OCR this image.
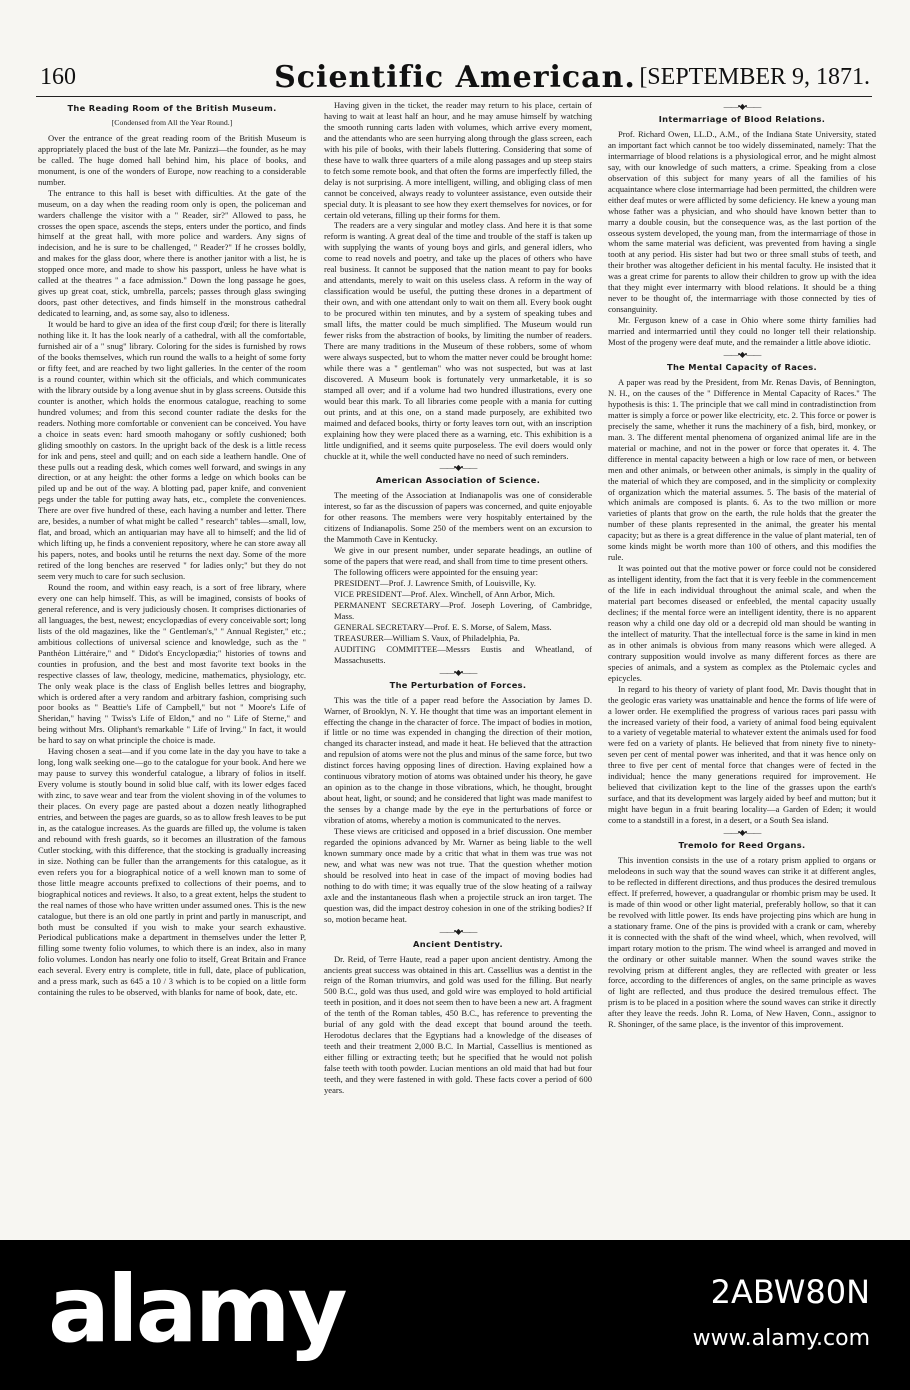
160	Scientific American. [SEPTEMBER 9, 1871.
The Reading Room of the British Museum.

[Condensed from All the Year Round.]

Over the entrance of the great reading room of the British Museum is appropriately placed the bust of the late Mr. Panizzi—the founder, as he may be called. The huge domed hall behind him, his place of books, and monument, is one of the wonders of Europe, now reaching to a considerable number.

The entrance to this hall is beset with difficulties. At the gate of the museum, on a day when the reading room only is open, the policeman and warders challenge the visitor with a " Reader, sir?" Allowed to pass, he crosses the open space, ascends the steps, enters under the portico, and finds himself at the great hall, with more police and warders. Any signs of indecision, and he is sure to be challenged, " Reader?" If he crosses boldly, and makes for the glass door, where there is another janitor with a list, he is stopped once more, and made to show his passport, unless he have what is called at the theatres " a face admission." Down the long passage he goes, gives up great coat, stick, umbrella, parcels; passes through glass swinging doors, past other detectives, and finds himself in the monstrous cathedral dedicated to learning, and, as some say, also to idleness.

It would be hard to give an idea of the first coup d'œil; for there is literally nothing like it. It has the look nearly of a cathedral, with all the comfortable, furnished air of a " snug" library. Coloring for the sides is furnished by rows of the books themselves, which run round the walls to a height of some forty or fifty feet, and are reached by two light galleries. In the center of the room is a round counter, within which sit the officials, and which communicates with the library outside by a long avenue shut in by glass screens. Outside this counter is another, which holds the enormous catalogue, reaching to some hundred volumes; and from this second counter radiate the desks for the readers. Nothing more comfortable or convenient can be conceived. You have a choice in seats even: hard smooth mahogany or softly cushioned; both gliding smoothly on castors. In the upright back of the desk is a little recess for ink and pens, steel and quill; and on each side a leathern handle. One of these pulls out a reading desk, which comes well forward, and swings in any direction, or at any height: the other forms a ledge on which books can be piled up and be out of the way. A blotting pad, paper knife, and convenient pegs under the table for putting away hats, etc., complete the conveniences. There are over five hundred of these, each having a number and letter. There are, besides, a number of what might be called " research" tables—small, low, flat, and broad, which an antiquarian may have all to himself; and the lid of which lifting up, he finds a convenient repository, where he can store away all his papers, notes, and books until he returns the next day. Some of the more retired of the long benches are reserved " for ladies only;" but they do not seem very much to care for such seclusion.

Round the room, and within easy reach, is a sort of free library, where every one can help himself. This, as will be imagined, consists of books of general reference, and is very judiciously chosen. It comprises dictionaries of all languages, the best, newest; encyclopædias of every conceivable sort; long lists of the old magazines, like the " Gentleman's," " Annual Register," etc.; ambitious collections of universal science and knowledge, such as the " Panthéon Littéraire," and " Didot's Encyclopædia;" histories of towns and counties in profusion, and the best and most favorite text books in the respective classes of law, theology, medicine, mathematics, physiology, etc. The only weak place is the class of English belles lettres and biography, which is ordered after a very random and arbitrary fashion, comprising such poor books as " Beattie's Life of Campbell," but not " Moore's Life of Sheridan," having " Twiss's Life of Eldon," and no " Life of Sterne," and being without Mrs. Oliphant's remarkable " Life of Irving." In fact, it would be hard to say on what principle the choice is made.

Having chosen a seat—and if you come late in the day you have to take a long, long walk seeking one—go to the catalogue for your book. And here we may pause to survey this wonderful catalogue, a library of folios in itself. Every volume is stoutly bound in solid blue calf, with its lower edges faced with zinc, to save wear and tear from the violent shoving in of the volumes to their places. On every page are pasted about a dozen neatly lithographed entries, and between the pages are guards, so as to allow fresh leaves to be put in, as the catalogue increases. As the guards are filled up, the volume is taken and rebound with fresh guards, so it becomes an illustration of the famous Cutler stocking, with this difference, that the stocking is gradually increasing in size. Nothing can be fuller than the arrangements for this catalogue, as it even refers you for a biographical notice of a well known man to some of those little meagre accounts prefixed to collections of their poems, and to biographical notices and reviews. It also, to a great extent, helps the student to the real names of those who have written under assumed ones. This is the new catalogue, but there is an old one partly in print and partly in manuscript, and both must be consulted if you wish to make your search exhaustive. Periodical publications make a department in themselves under the letter P, filling some twenty folio volumes, to which there is an index, also in many folio volumes. London has nearly one folio to itself, Great Britain and France each several. Every entry is complete, title in full, date, place of publication, and a press mark, such as 645 a 10 / 3 which is to be copied on a little form containing the rules to be observed, with blanks for name of book, date, etc.

Having given in the ticket, the reader may return to his place, certain of having to wait at least half an hour, and he may amuse himself by watching the smooth running carts laden with volumes, which arrive every moment, and the attendants who are seen hurrying along through the glass screen, each with his pile of books, with their labels fluttering. Considering that some of these have to walk three quarters of a mile along passages and up steep stairs to fetch some remote book, and that often the forms are imperfectly filled, the delay is not surprising. A more intelligent, willing, and obliging class of men cannot be conceived, always ready to volunteer assistance, even outside their special duty. It is pleasant to see how they exert themselves for novices, or for certain old veterans, filling up their forms for them.

The readers are a very singular and motley class. And here it is that some reform is wanting. A great deal of the time and trouble of the staff is taken up with supplying the wants of young boys and girls, and general idlers, who come to read novels and poetry, and take up the places of others who have real business. It cannot be supposed that the nation meant to pay for books and attendants, merely to wait on this useless class. A reform in the way of classification would be useful, the putting these drones in a department of their own, and with one attendant only to wait on them all. Every book ought to be procured within ten minutes, and by a system of speaking tubes and small lifts, the matter could be much simplified. The Museum would run fewer risks from the abstraction of books, by limiting the number of readers. There are many traditions in the Museum of these robbers, some of whom were always suspected, but to whom the matter never could be brought home: while there was a " gentleman" who was not suspected, but was at last discovered. A Museum book is fortunately very unmarketable, it is so stamped all over; and if a volume had two hundred illustrations, every one would bear this mark. To all libraries come people with a mania for cutting out prints, and at this one, on a stand made purposely, are exhibited two maimed and defaced books, thirty or forty leaves torn out, with an inscription explaining how they were placed there as a warning, etc. This exhibition is a little undignified, and it seems quite purposeless. The evil doers would only chuckle at it, while the well conducted have no need of such reminders.

——•◆•——
American Association of Science.

The meeting of the Association at Indianapolis was one of considerable interest, so far as the discussion of papers was concerned, and quite enjoyable for other reasons. The members were very hospitably entertained by the citizens of Indianapolis. Some 250 of the members went on an excursion to the Mammoth Cave in Kentucky.

We give in our present number, under separate headings, an outline of some of the papers that were read, and shall from time to time present others.

The following officers were appointed for the ensuing year:

PRESIDENT—Prof. J. Lawrence Smith, of Louisville, Ky.

VICE PRESIDENT—Prof. Alex. Winchell, of Ann Arbor, Mich.

PERMANENT SECRETARY—Prof. Joseph Lovering, of Cambridge, Mass.

GENERAL SECRETARY—Prof. E. S. Morse, of Salem, Mass.

TREASURER—William S. Vaux, of Philadelphia, Pa.

AUDITING COMMITTEE—Messrs Eustis and Wheatland, of Massachusetts.

——•◆•——
The Perturbation of Forces.

This was the title of a paper read before the Association by James D. Warner, of Brooklyn, N. Y. He thought that time was an important element in effecting the change in the character of force. The impact of bodies in motion, if little or no time was expended in changing the direction of their motion, changed its character instead, and made it heat. He believed that the attraction and repulsion of atoms were not the plus and minus of the same force, but two distinct forces having opposing lines of direction. Having explained how a continuous vibratory motion of atoms was obtained under his theory, he gave an opinion as to the change in those vibrations, which, he thought, brought about heat, light, or sound; and he considered that light was made manifest to the senses by a change made by the eye in the perturbations of force or vibration of atoms, whereby a motion is communicated to the nerves.

These views are criticised and opposed in a brief discussion. One member regarded the opinions advanced by Mr. Warner as being liable to the well known summary once made by a critic that what in them was true was not new, and what was new was not true. That the question whether motion should be resolved into heat in case of the impact of moving bodies had nothing to do with time; it was equally true of the slow heating of a railway axle and the instantaneous flash when a projectile struck an iron target. The question was, did the impact destroy cohesion in one of the striking bodies? If so, motion became heat.

——•◆•——
Ancient Dentistry.

Dr. Reid, of Terre Haute, read a paper upon ancient dentistry. Among the ancients great success was obtained in this art. Cassellius was a dentist in the reign of the Roman triumvirs, and gold was used for the filling. But nearly 500 B.C., gold was thus used, and gold wire was employed to hold artificial teeth in position, and it does not seem then to have been a new art. A fragment of the tenth of the Roman tables, 450 B.C., has reference to preventing the burial of any gold with the dead except that bound around the teeth. Herodotus declares that the Egyptians had a knowledge of the diseases of teeth and their treatment 2,000 B.C. In Martial, Cassellius is mentioned as either filling or extracting teeth; but he specified that he would not polish false teeth with tooth powder. Lucian mentions an old maid that had but four teeth, and they were fastened in with gold. These facts cover a period of 600 years.

——•◆•——
Intermarriage of Blood Relations.

Prof. Richard Owen, LL.D., A.M., of the Indiana State University, stated an important fact which cannot be too widely disseminated, namely: That the intermarriage of blood relations is a physiological error, and he might almost say, with our knowledge of such matters, a crime. Speaking from a close observation of this subject for many years of all the families of his acquaintance where close intermarriage had been permitted, the children were either deaf mutes or were afflicted by some deficiency. He knew a young man whose father was a physician, and who should have known better than to marry a double cousin, but the consequence was, as the last portion of the osseous system developed, the young man, from the intermarriage of those in whom the same material was deficient, was prevented from having a single tooth at any period. His sister had but two or three small stubs of teeth, and their brother was altogether deficient in his mental faculty. He insisted that it was a great crime for parents to allow their children to grow up with the idea that they might ever intermarry with blood relations. It should be a thing never to be thought of, the intermarriage with those connected by ties of consanguinity.

Mr. Ferguson knew of a case in Ohio where some thirty families had married and intermarried until they could no longer tell their relationship. Most of the progeny were deaf mute, and the remainder a little above idiotic.

——•◆•——
The Mental Capacity of Races.

A paper was read by the President, from Mr. Renas Davis, of Bennington, N. H., on the causes of the " Difference in Mental Capacity of Races." The hypothesis is this: 1. The principle that we call mind in contradistinction from matter is simply a force or power like electricity, etc. 2. This force or power is precisely the same, whether it runs the machinery of a fish, bird, monkey, or man. 3. The different mental phenomena of organized animal life are in the material or machine, and not in the power or force that operates it. 4. The difference in mental capacity between a high or low race of men, or between men and other animals, or between other animals, is simply in the quality of the material of which they are composed, and in the simplicity or complexity of organization which the material assumes. 5. The basis of the material of which animals are composed is plants. 6. As to the two million or more varieties of plants that grow on the earth, the rule holds that the greater the number of these plants represented in the animal, the greater his mental capacity; but as there is a great difference in the value of plant material, ten of some kinds might be worth more than 100 of others, and this modifies the rule.

It was pointed out that the motive power or force could not be considered as intelligent identity, from the fact that it is very feeble in the commencement of the life in each individual throughout the animal scale, and when the material part becomes diseased or enfeebled, the mental capacity usually declines; if the mental force were an intelligent identity, there is no apparent reason why a child one day old or a decrepid old man should be wanting in the intellect of maturity. That the intellectual force is the same in kind in men as in other animals is obvious from many reasons which were alleged. A contrary supposition would involve as many different forces as there are species of animals, and a system as complex as the Ptolemaic cycles and epicycles.

In regard to his theory of variety of plant food, Mr. Davis thought that in the geologic eras variety was unattainable and hence the forms of life were of a lower order. He exemplified the progress of various races pari passu with the increased variety of their food, a variety of animal food being equivalent to a variety of vegetable material to whatever extent the animals used for food were fed on a variety of plants. He believed that from ninety five to ninety-seven per cent of mental power was inherited, and that it was hence only on three to five per cent of mental force that changes were of fected in the individual; hence the many generations required for improvement. He believed that civilization kept to the line of the grasses upon the earth's surface, and that its development was largely aided by beef and mutton; but it might have begun in a fruit bearing locality—a Garden of Eden; it would come to a standstill in a forest, in a desert, or a South Sea island.

——•◆•——
Tremolo for Reed Organs.

This invention consists in the use of a rotary prism applied to organs or melodeons in such way that the sound waves can strike it at different angles, to be reflected in different directions, and thus produces the desired tremulous effect. If preferred, however, a quadrangular or rhombic prism may be used. It is made of thin wood or other light material, preferably hollow, so that it can be revolved with little power. Its ends have projecting pins which are hung in a stationary frame. One of the pins is provided with a crank or cam, whereby it is connected with the shaft of the wind wheel, which, when revolved, will impart rotary motion to the prism. The wind wheel is arranged and moved in the ordinary or other suitable manner. When the sound waves strike the revolving prism at different angles, they are reflected with greater or less force, according to the differences of angles, on the same principle as waves of light are reflected, and thus produce the desired tremulous effect. The prism is to be placed in a position where the sound waves can strike it directly after they leave the reeds. John R. Loma, of New Haven, Conn., assignor to R. Shoninger, of the same place, is the inventor of this improvement.

alamy	2ABW80N
www.alamy.com
